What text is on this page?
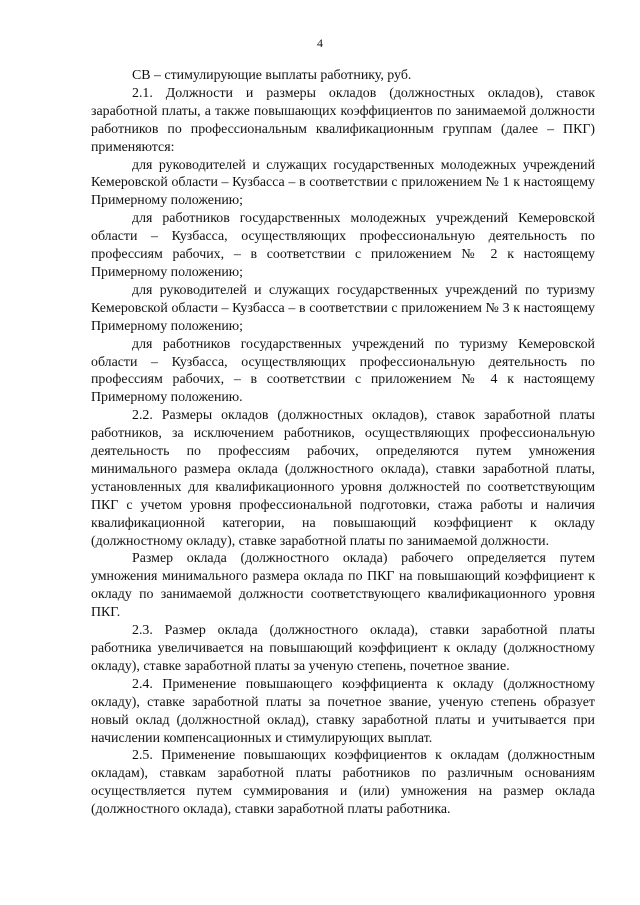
4

СВ – стимулирующие выплаты работнику, руб.

2.1. Должности и размеры окладов (должностных окладов), ставок заработной платы, а также повышающих коэффициентов по занимаемой должности работников по профессиональным квалификационным группам (далее – ПКГ) применяются:

для руководителей и служащих государственных молодежных учреждений Кемеровской области – Кузбасса – в соответствии с приложением № 1 к настоящему Примерному положению;

для работников государственных молодежных учреждений Кемеровской области – Кузбасса, осуществляющих профессиональную деятельность по профессиям рабочих, – в соответствии с приложением № 2 к настоящему Примерному положению;

для руководителей и служащих государственных учреждений по туризму Кемеровской области – Кузбасса – в соответствии с приложением № 3 к настоящему Примерному положению;

для работников государственных учреждений по туризму Кемеровской области – Кузбасса, осуществляющих профессиональную деятельность по профессиям рабочих, – в соответствии с приложением № 4 к настоящему Примерному положению.

2.2. Размеры окладов (должностных окладов), ставок заработной платы работников, за исключением работников, осуществляющих профессиональную деятельность по профессиям рабочих, определяются путем умножения минимального размера оклада (должностного оклада), ставки заработной платы, установленных для квалификационного уровня должностей по соответствующим ПКГ с учетом уровня профессиональной подготовки, стажа работы и наличия квалификационной категории, на повышающий коэффициент к окладу (должностному окладу), ставке заработной платы по занимаемой должности.

Размер оклада (должностного оклада) рабочего определяется путем умножения минимального размера оклада по ПКГ на повышающий коэффициент к окладу по занимаемой должности соответствующего квалификационного уровня ПКГ.

2.3. Размер оклада (должностного оклада), ставки заработной платы работника увеличивается на повышающий коэффициент к окладу (должностному окладу), ставке заработной платы за ученую степень, почетное звание.

2.4. Применение повышающего коэффициента к окладу (должностному окладу), ставке заработной платы за почетное звание, ученую степень образует новый оклад (должностной оклад), ставку заработной платы и учитывается при начислении компенсационных и стимулирующих выплат.

2.5. Применение повышающих коэффициентов к окладам (должностным окладам), ставкам заработной платы работников по различным основаниям осуществляется путем суммирования и (или) умножения на размер оклада (должностного оклада), ставки заработной платы работника.
